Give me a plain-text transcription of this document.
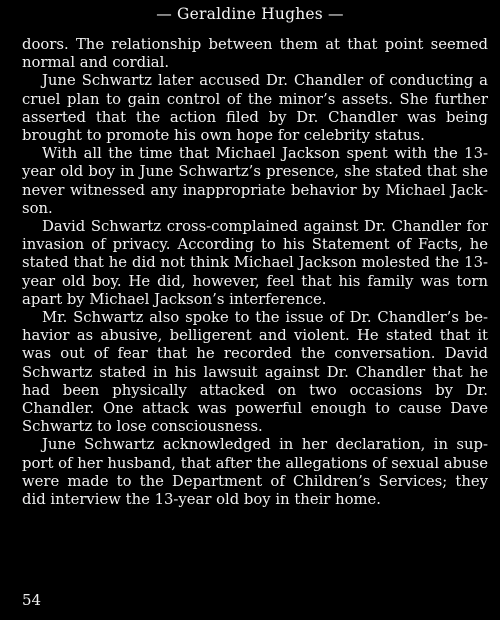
— Geraldine Hughes —

doors. The relationship between them at that point seemed normal and cordial.

June Schwartz later accused Dr. Chandler of conducting a cruel plan to gain control of the minor’s assets. She further asserted that the action filed by Dr. Chandler was being brought to promote his own hope for celebrity status.

With all the time that Michael Jackson spent with the 13-year old boy in June Schwartz’s presence, she stated that she never witnessed any inappropriate behavior by Michael Jackson.

David Schwartz cross-complained against Dr. Chandler for invasion of privacy. According to his Statement of Facts, he stated that he did not think Michael Jackson molested the 13-year old boy. He did, however, feel that his family was torn apart by Michael Jackson’s interference.

Mr. Schwartz also spoke to the issue of Dr. Chandler’s behavior as abusive, belligerent and violent. He stated that it was out of fear that he recorded the conversation. David Schwartz stated in his lawsuit against Dr. Chandler that he had been physically attacked on two occasions by Dr. Chandler. One attack was powerful enough to cause Dave Schwartz to lose consciousness.

June Schwartz acknowledged in her declaration, in support of her husband, that after the allegations of sexual abuse were made to the Department of Children’s Services; they did interview the 13-year old boy in their home.

54
